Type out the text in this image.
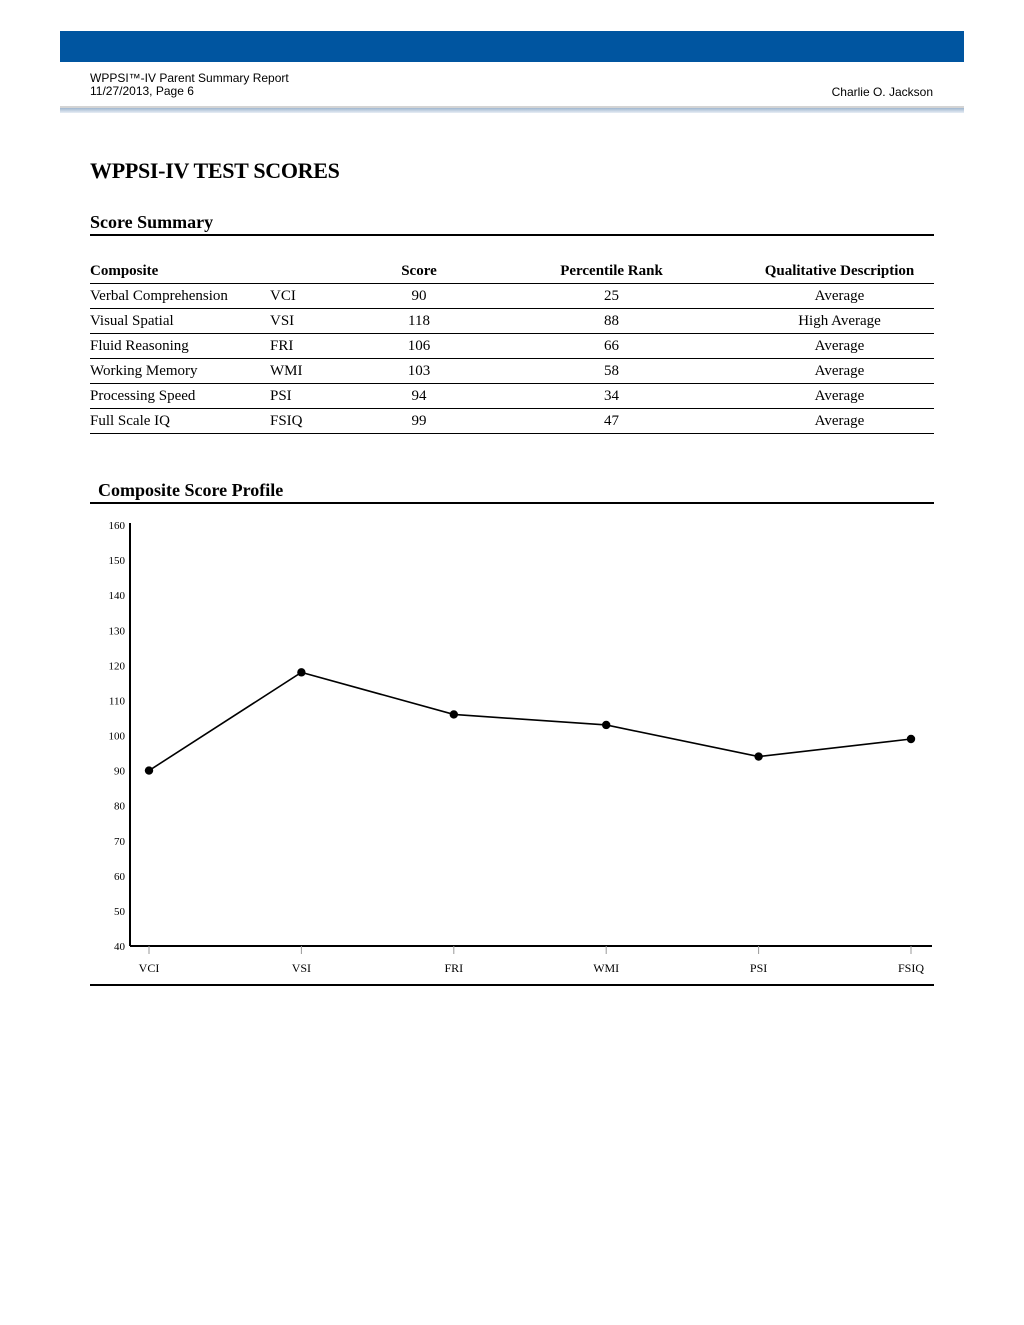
WPPSI™-IV Parent Summary Report
11/27/2013, Page 6	Charlie O. Jackson
WPPSI-IV TEST SCORES
Score Summary
Composite		Score	Percentile Rank	Qualitative Description
Verbal Comprehension	VCI	90	25	Average
Visual Spatial	VSI	118	88	High Average
Fluid Reasoning	FRI	106	66	Average
Working Memory	WMI	103	58	Average
Processing Speed	PSI	94	34	Average
Full Scale IQ	FSIQ	99	47	Average
Composite Score Profile
40
50
60
70
80
90
100
110
120
130
140
150
160
VCI	VSI	FRI	WMI	PSI	FSIQ
